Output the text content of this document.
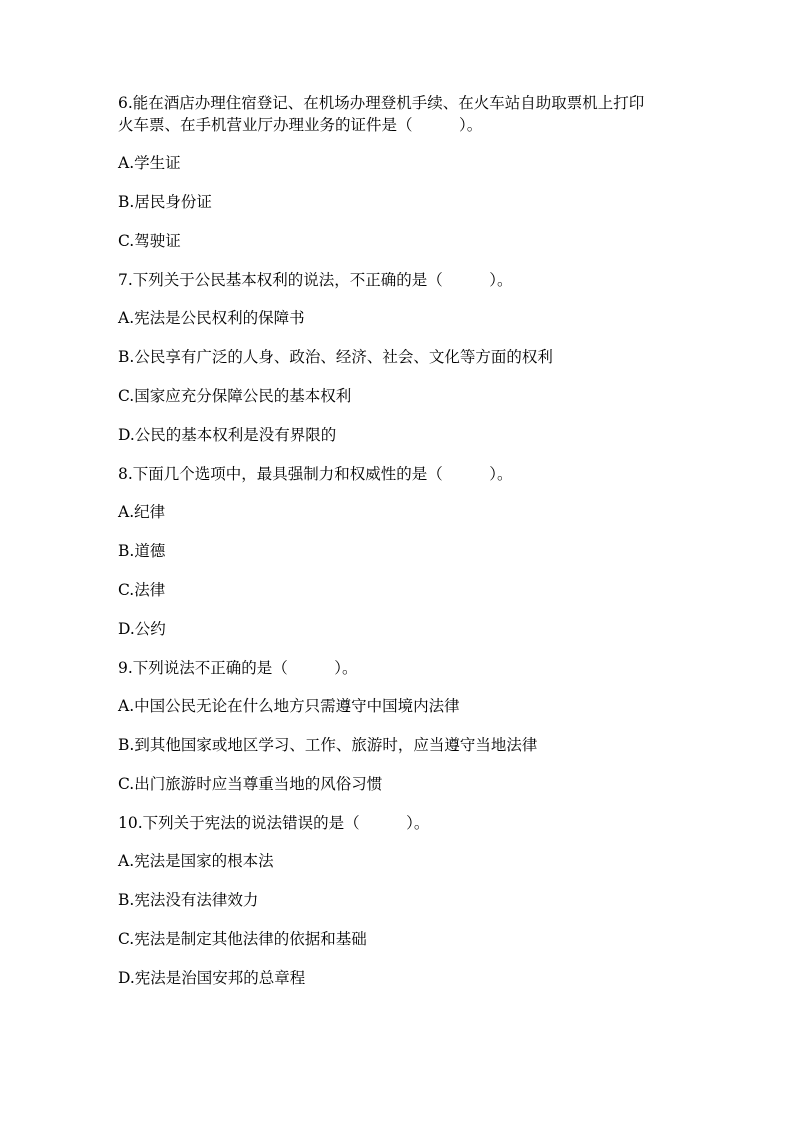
6.能在酒店办理住宿登记、在机场办理登机手续、在火车站自助取票机上打印

火车票、在手机营业厅办理业务的证件是（　　　）。

A.学生证

B.居民身份证

C.驾驶证

7.下列关于公民基本权利的说法，不正确的是（　　　）。

A.宪法是公民权利的保障书

B.公民享有广泛的人身、政治、经济、社会、文化等方面的权利

C.国家应充分保障公民的基本权利

D.公民的基本权利是没有界限的

8.下面几个选项中，最具强制力和权威性的是（　　　）。

A.纪律

B.道德

C.法律

D.公约

9.下列说法不正确的是（　　　）。

A.中国公民无论在什么地方只需遵守中国境内法律

B.到其他国家或地区学习、工作、旅游时，应当遵守当地法律

C.出门旅游时应当尊重当地的风俗习惯

10.下列关于宪法的说法错误的是（　　　）。

A.宪法是国家的根本法

B.宪法没有法律效力

C.宪法是制定其他法律的依据和基础

D.宪法是治国安邦的总章程
